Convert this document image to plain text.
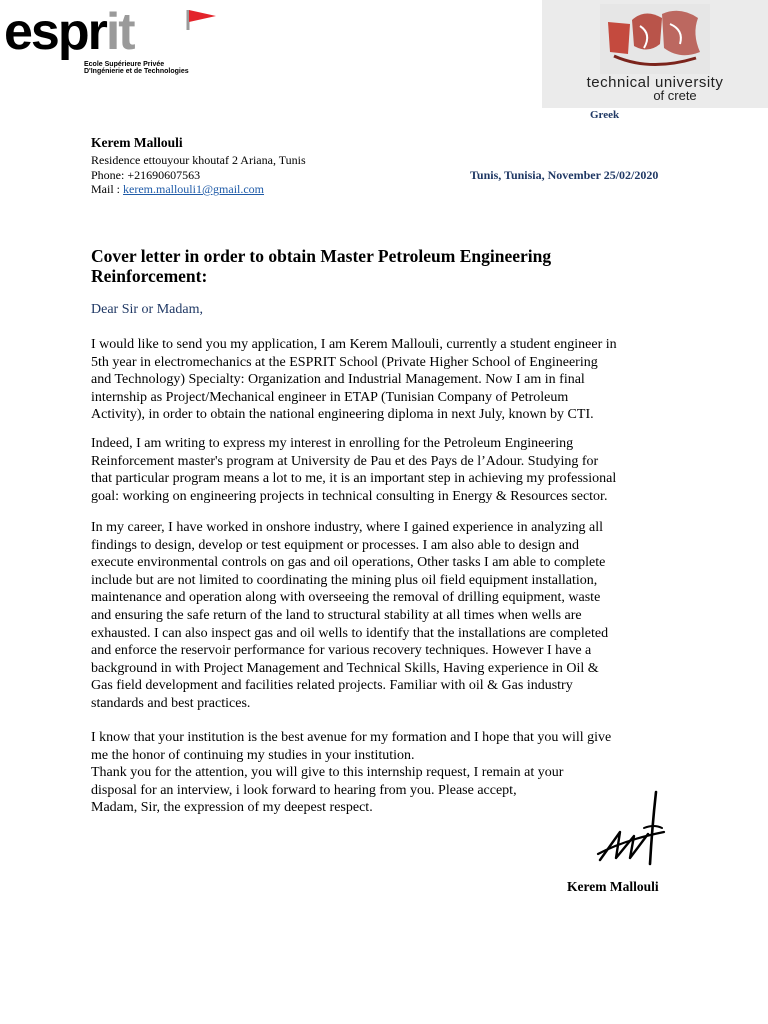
esprit
Ecole Supérieure Privée
D'Ingénierie et de Technologies
technical university
of crete
Greek
Kerem Mallouli
Residence ettouyour khoutaf 2 Ariana, Tunis
Phone: +21690607563
Mail : kerem.mallouli1@gmail.com
Tunis, Tunisia, November 25/02/2020
Cover letter in order to obtain Master Petroleum Engineering Reinforcement:
Dear Sir or Madam,
I would like to send you my application, I am Kerem Mallouli, currently a student engineer in
5th year in electromechanics at the ESPRIT School (Private Higher School of Engineering
and Technology) Specialty: Organization and Industrial Management. Now I am in final
internship as Project/Mechanical engineer in ETAP (Tunisian Company of Petroleum
Activity), in order to obtain the national engineering diploma in next July, known by CTI.
Indeed, I am writing to express my interest in enrolling for the Petroleum Engineering
Reinforcement master's program at University de Pau et des Pays de l’Adour. Studying for
that particular program means a lot to me, it is an important step in achieving my professional
goal: working on engineering projects in technical consulting in Energy & Resources sector.
In my career, I have worked in onshore industry, where I gained experience in analyzing all
findings to design, develop or test equipment or processes. I am also able to design and
execute environmental controls on gas and oil operations, Other tasks I am able to complete
include but are not limited to coordinating the mining plus oil field equipment installation,
maintenance and operation along with overseeing the removal of drilling equipment, waste
and ensuring the safe return of the land to structural stability at all times when wells are
exhausted. I can also inspect gas and oil wells to identify that the installations are completed
and enforce the reservoir performance for various recovery techniques. However I have a
background in with Project Management and Technical Skills, Having experience in Oil &
Gas field development and facilities related projects. Familiar with oil & Gas industry
standards and best practices.
I know that your institution is the best avenue for my formation and I hope that you will give
me the honor of continuing my studies in your institution.
Thank you for the attention, you will give to this internship request, I remain at your
disposal for an interview, i look forward to hearing from you. Please accept,
Madam, Sir, the expression of my deepest respect.
Kerem Mallouli
